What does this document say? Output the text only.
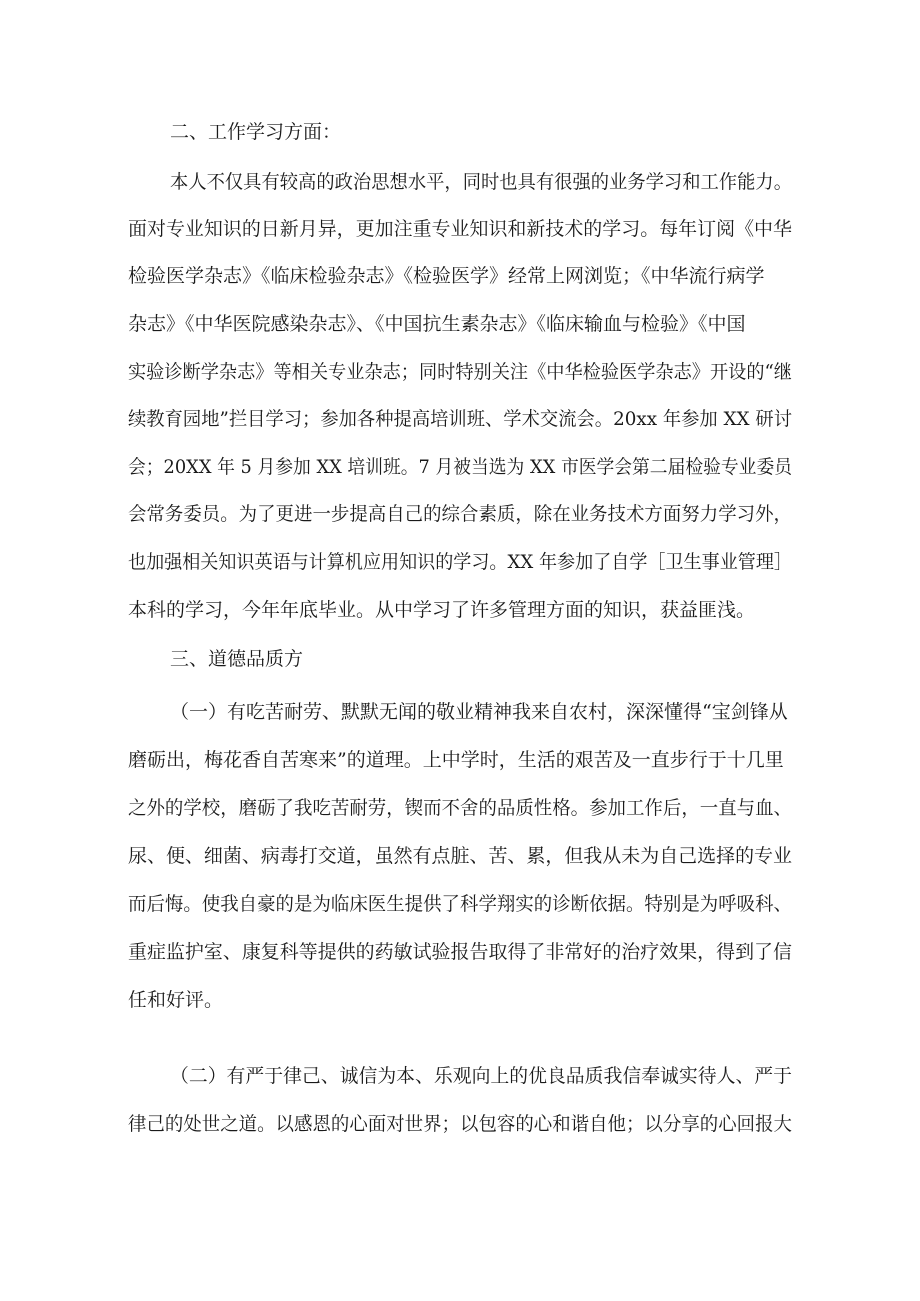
二、工作学习方面：
本人不仅具有较高的政治思想水平，同时也具有很强的业务学习和工作能力。
面对专业知识的日新月异，更加注重专业知识和新技术的学习。每年订阅《中华
检验医学杂志》《临床检验杂志》《检验医学》经常上网浏览；《中华流行病学
杂志》《中华医院感染杂志》、《中国抗生素杂志》《临床输血与检验》《中国
实验诊断学杂志》等相关专业杂志；同时特别关注《中华检验医学杂志》开设的“继
续教育园地”拦目学习；参加各种提高培训班、学术交流会。20xx 年参加 XX 研讨
会；20XX 年 5 月参加 XX 培训班。7 月被当选为 XX 市医学会第二届检验专业委员
会常务委员。为了更进一步提高自己的综合素质，除在业务技术方面努力学习外，
也加强相关知识英语与计算机应用知识的学习。XX 年参加了自学［卫生事业管理］
本科的学习，今年年底毕业。从中学习了许多管理方面的知识，获益匪浅。
三、道德品质方
（一）有吃苦耐劳、默默无闻的敬业精神我来自农村，深深懂得“宝剑锋从
磨砺出，梅花香自苦寒来”的道理。上中学时，生活的艰苦及一直步行于十几里
之外的学校，磨砺了我吃苦耐劳，锲而不舍的品质性格。参加工作后，一直与血、
尿、便、细菌、病毒打交道，虽然有点脏、苦、累，但我从未为自己选择的专业
而后悔。使我自豪的是为临床医生提供了科学翔实的诊断依据。特别是为呼吸科、
重症监护室、康复科等提供的药敏试验报告取得了非常好的治疗效果，得到了信
任和好评。
（二）有严于律己、诚信为本、乐观向上的优良品质我信奉诚实待人、严于
律己的处世之道。以感恩的心面对世界；以包容的心和谐自他；以分享的心回报大
